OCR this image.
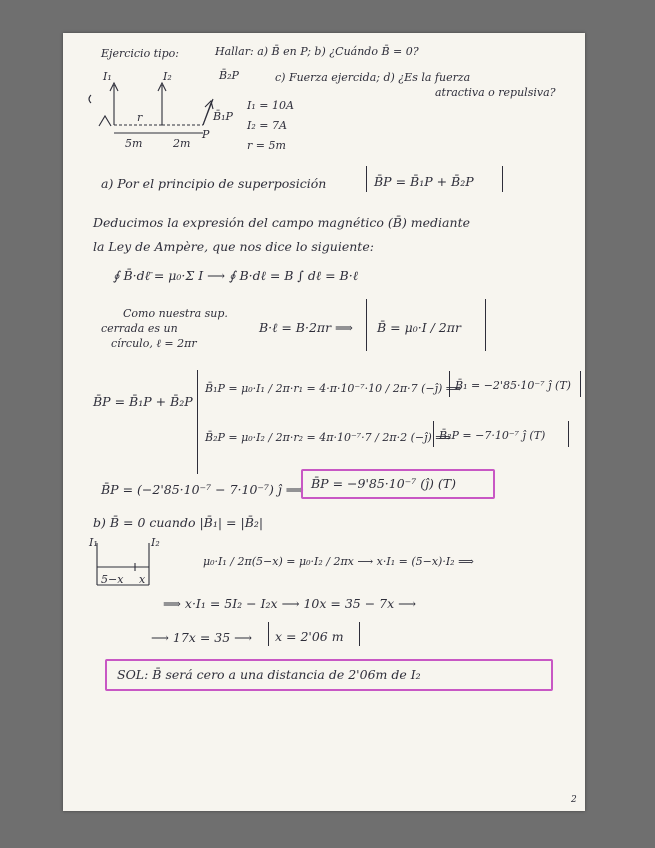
Ejercicio tipo:	Hallar: a) B̄ en P; b) ¿Cuándo B̄ = 0?
c) Fuerza ejercida; d) ¿Es la fuerza
atractiva o repulsiva?
I₁	I₂	B̄₂P
B̄₁P
r
P
5m	2m
I₁ = 10A
I₂ = 7A
r = 5m
a) Por el principio de superposición	B̄P = B̄₁P + B̄₂P
Deducimos la expresión del campo magnético (B̄) mediante
la Ley de Ampère, que nos dice lo siguiente:
∮ B̄·dℓ̄ = μ₀·Σ I ⟶ ∮ B·dℓ = B ∫ dℓ = B·ℓ
Como nuestra sup.
cerrada es un
círculo, ℓ = 2πr
B·ℓ = B·2πr ⟹ B̄ = μ₀·I / 2πr
B̄P = B̄₁P + B̄₂P
B̄₁P = μ₀·I₁ / 2π·r₁ = 4·π·10⁻⁷·10 / 2π·7 (−ĵ) ⟹
B̄₁ = −2'85·10⁻⁷ ĵ (T)
B̄₂P = μ₀·I₂ / 2π·r₂ = 4π·10⁻⁷·7 / 2π·2 (−ĵ) ⟹
B̄₂P = −7·10⁻⁷ ĵ (T)
B̄P = (−2'85·10⁻⁷ − 7·10⁻⁷) ĵ ⟹ B̄P = −9'85·10⁻⁷ (ĵ) (T)
b) B̄ = 0 cuando |B̄₁| = |B̄₂|
I₁	I₂
5−x x
μ₀·I₁ / 2π(5−x) = μ₀·I₂ / 2πx ⟶ x·I₁ = (5−x)·I₂ ⟹
⟹ x·I₁ = 5I₂ − I₂x ⟶ 10x = 35 − 7x ⟶
⟶ 17x = 35 ⟶ x = 2'06 m
SOL: B̄ será cero a una distancia de 2'06m de I₂
2
